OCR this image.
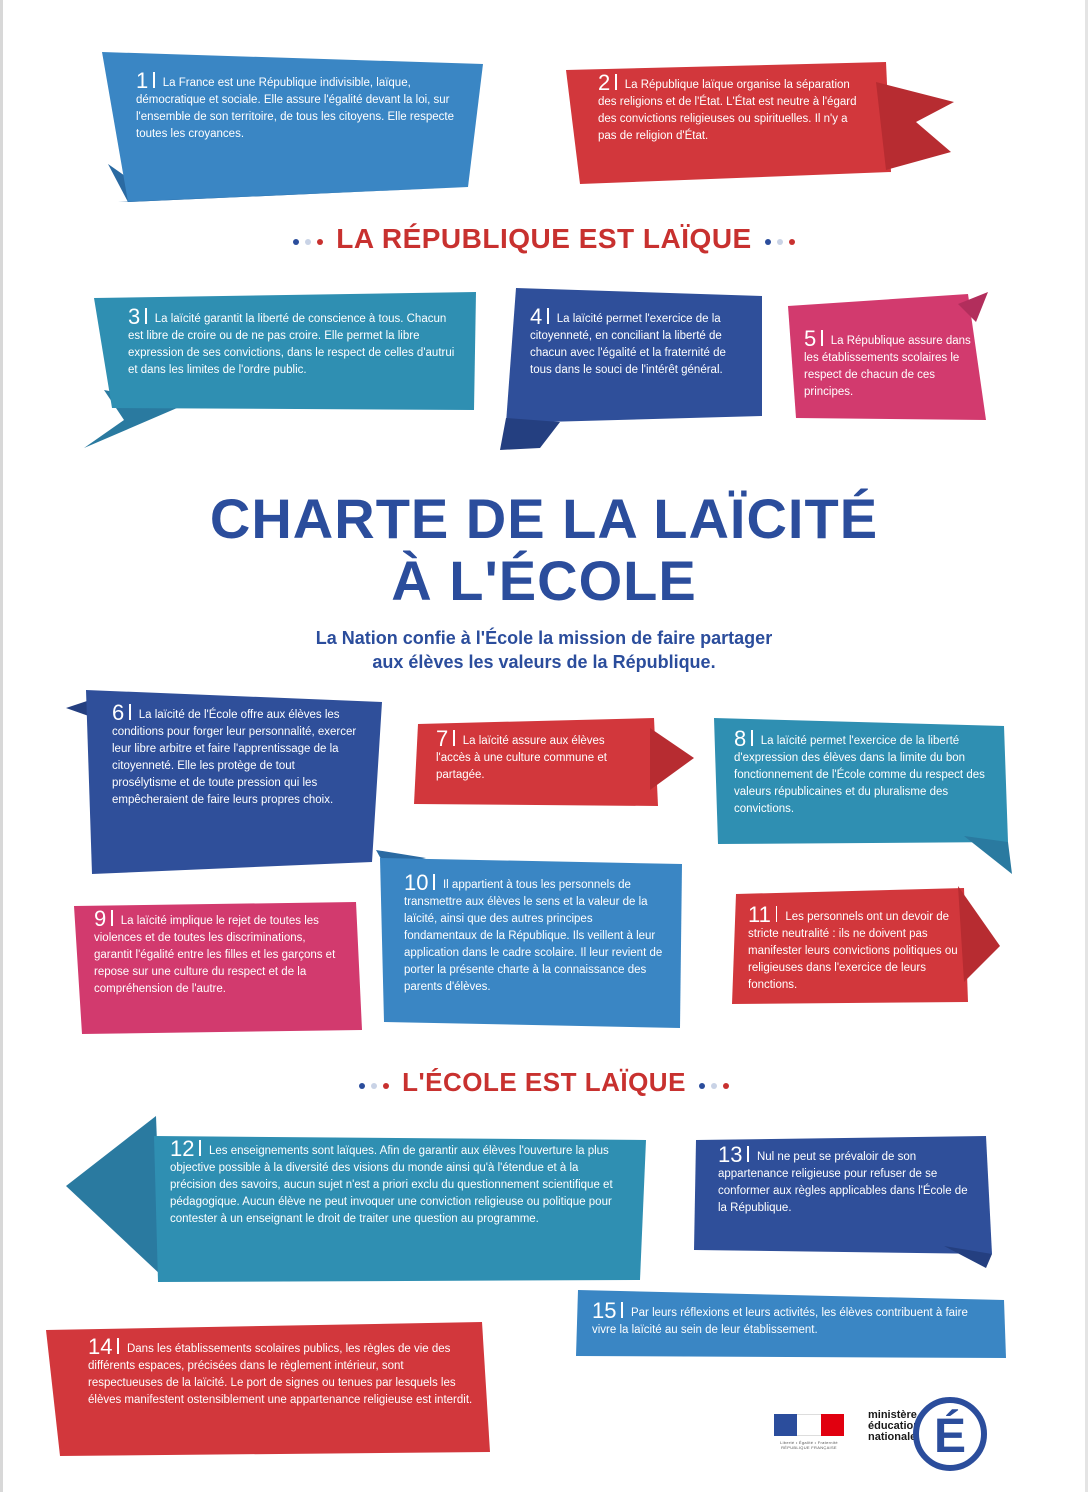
1 La France est une République indivisible, laïque, démocratique et sociale. Elle assure l'égalité devant la loi, sur l'ensemble de son territoire, de tous les citoyens. Elle respecte toutes les croyances.
2 La République laïque organise la séparation des religions et de l'État. L'État est neutre à l'égard des convictions religieuses ou spirituelles. Il n'y a pas de religion d'État.
LA RÉPUBLIQUE EST LAÏQUE
3 La laïcité garantit la liberté de conscience à tous. Chacun est libre de croire ou de ne pas croire. Elle permet la libre expression de ses convictions, dans le respect de celles d'autrui et dans les limites de l'ordre public.
4 La laïcité permet l'exercice de la citoyenneté, en conciliant la liberté de chacun avec l'égalité et la fraternité de tous dans le souci de l'intérêt général.
5 La République assure dans les établissements scolaires le respect de chacun de ces principes.
CHARTE DE LA LAÏCITÉ
À L'ÉCOLE
La Nation confie à l'École la mission de faire partager
aux élèves les valeurs de la République.
6 La laïcité de l'École offre aux élèves les conditions pour forger leur personnalité, exercer leur libre arbitre et faire l'apprentissage de la citoyenneté. Elle les protège de tout prosélytisme et de toute pression qui les empêcheraient de faire leurs propres choix.
7 La laïcité assure aux élèves l'accès à une culture commune et partagée.
8 La laïcité permet l'exercice de la liberté d'expression des élèves dans la limite du bon fonctionnement de l'École comme du respect des valeurs républicaines et du pluralisme des convictions.
10 Il appartient à tous les personnels de transmettre aux élèves le sens et la valeur de la laïcité, ainsi que des autres principes fondamentaux de la République. Ils veillent à leur application dans le cadre scolaire. Il leur revient de porter la présente charte à la connaissance des parents d'élèves.
9 La laïcité implique le rejet de toutes les violences et de toutes les discriminations, garantit l'égalité entre les filles et les garçons et repose sur une culture du respect et de la compréhension de l'autre.
11 Les personnels ont un devoir de stricte neutralité : ils ne doivent pas manifester leurs convictions politiques ou religieuses dans l'exercice de leurs fonctions.
L'ÉCOLE EST LAÏQUE
12 Les enseignements sont laïques. Afin de garantir aux élèves l'ouverture la plus objective possible à la diversité des visions du monde ainsi qu'à l'étendue et à la précision des savoirs, aucun sujet n'est a priori exclu du questionnement scientifique et pédagogique. Aucun élève ne peut invoquer une conviction religieuse ou politique pour contester à un enseignant le droit de traiter une question au programme.
13 Nul ne peut se prévaloir de son appartenance religieuse pour refuser de se conformer aux règles applicables dans l'École de la République.
15 Par leurs réflexions et leurs activités, les élèves contribuent à faire vivre la laïcité au sein de leur établissement.
14 Dans les établissements scolaires publics, les règles de vie des différents espaces, précisées dans le règlement intérieur, sont respectueuses de la laïcité. Le port de signes ou tenues par lesquels les élèves manifestent ostensiblement une appartenance religieuse est interdit.
Liberté • Égalité • Fraternité RÉPUBLIQUE FRANÇAISE
ministère
éducation
nationale É
